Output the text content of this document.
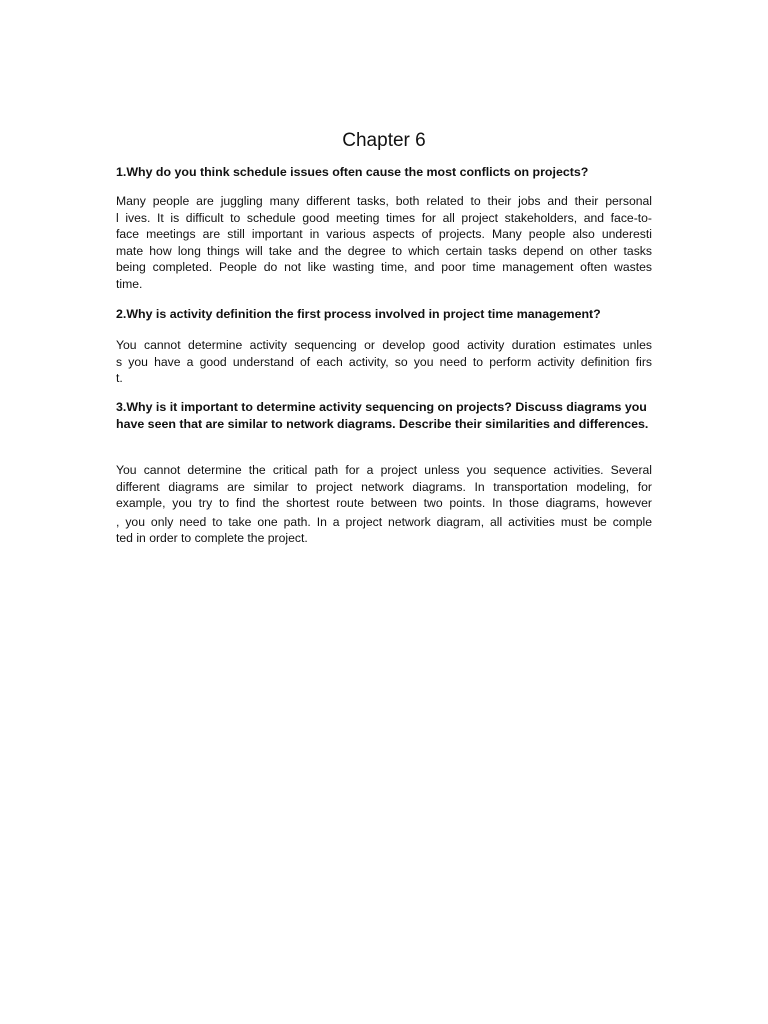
Chapter 6

1.Why do you think schedule issues often cause the most conflicts on projects?

Many people are juggling many different tasks, both related to their jobs and their personal
l ives. It is difficult to schedule good meeting times for all project stakeholders, and face-to-
face meetings are still important in various aspects of projects. Many people also underesti
mate how long things will take and the degree to which certain tasks depend on other tasks
being completed. People do not like wasting time, and poor time management often wastes
time.

2.Why is activity definition the first process involved in project time management?

You cannot determine activity sequencing or develop good activity duration estimates unles
s you have a good understand of each activity, so you need to perform activity definition firs
t.
3.Why is it important to determine activity sequencing on projects? Discuss diagrams you
have seen that are similar to network diagrams. Describe their similarities and differences.
You cannot determine the critical path for a project unless you sequence activities. Several
different diagrams are similar to project network diagrams. In transportation modeling, for
example, you try to find the shortest route between two points. In those diagrams, however
, you only need to take one path. In a project network diagram, all activities must be comple
ted in order to complete the project.
